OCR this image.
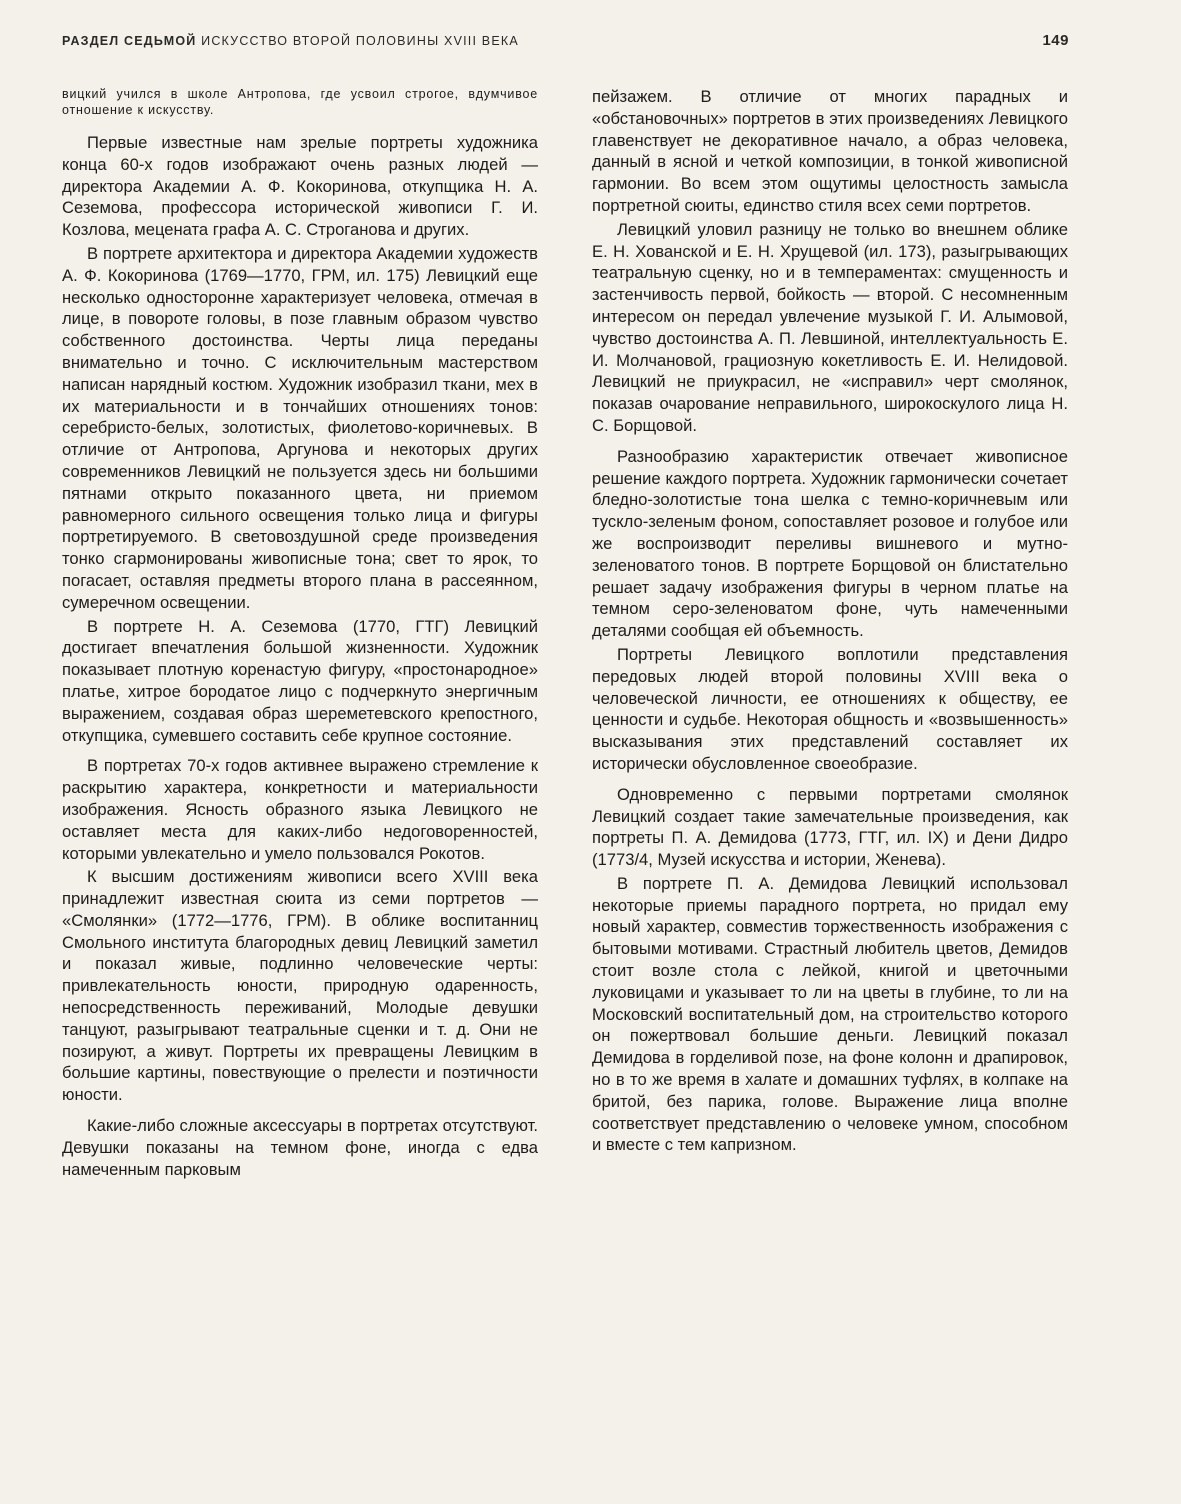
РАЗДЕЛ СЕДЬМОЙ ИСКУССТВО ВТОРОЙ ПОЛОВИНЫ XVIII ВЕКА	149

вицкий учился в школе Антропова, где усвоил строгое, вдумчивое отношение к искусству.

Первые известные нам зрелые портреты художника конца 60-х годов изображают очень разных людей — директора Академии А. Ф. Кокоринова, откупщика Н. А. Сеземова, профессора исторической живописи Г. И. Козлова, мецената графа А. С. Строганова и других.

В портрете архитектора и директора Академии художеств А. Ф. Кокоринова (1769—1770, ГРМ, ил. 175) Левицкий еще несколько односторонне характеризует человека, отмечая в лице, в повороте головы, в позе главным образом чувство собственного достоинства. Черты лица переданы внимательно и точно. С исключительным мастерством написан нарядный костюм. Художник изобразил ткани, мех в их материальности и в тончайших отношениях тонов: серебристо-белых, золотистых, фиолетово-коричневых. В отличие от Антропова, Аргунова и некоторых других современников Левицкий не пользуется здесь ни большими пятнами открыто показанного цвета, ни приемом равномерного сильного освещения только лица и фигуры портретируемого. В световоздушной среде произведения тонко сгармонированы живописные тона; свет то ярок, то погасает, оставляя предметы второго плана в рассеянном, сумеречном освещении.

В портрете Н. А. Сеземова (1770, ГТГ) Левицкий достигает впечатления большой жизненности. Художник показывает плотную коренастую фигуру, «простонародное» платье, хитрое бородатое лицо с подчеркнуто энергичным выражением, создавая образ шереметевского крепостного, откупщика, сумевшего составить себе крупное состояние.

В портретах 70-х годов активнее выражено стремление к раскрытию характера, конкретности и материальности изображения. Ясность образного языка Левицкого не оставляет места для каких-либо недоговоренностей, которыми увлекательно и умело пользовался Рокотов.

К высшим достижениям живописи всего XVIII века принадлежит известная сюита из семи портретов — «Смолянки» (1772—1776, ГРМ). В облике воспитанниц Смольного института благородных девиц Левицкий заметил и показал живые, подлинно человеческие черты: привлекательность юности, природную одаренность, непосредственность переживаний, Молодые девушки танцуют, разыгрывают театральные сценки и т. д. Они не позируют, а живут. Портреты их превращены Левицким в большие картины, повествующие о прелести и поэтичности юности.

Какие-либо сложные аксессуары в портретах отсутствуют. Девушки показаны на темном фоне, иногда с едва намеченным парковым

пейзажем. В отличие от многих парадных и «обстановочных» портретов в этих произведениях Левицкого главенствует не декоративное начало, а образ человека, данный в ясной и четкой композиции, в тонкой живописной гармонии. Во всем этом ощутимы целостность замысла портретной сюиты, единство стиля всех семи портретов.

Левицкий уловил разницу не только во внешнем облике Е. Н. Хованской и Е. Н. Хрущевой (ил. 173), разыгрывающих театральную сценку, но и в темпераментах: смущенность и застенчивость первой, бойкость — второй. С несомненным интересом он передал увлечение музыкой Г. И. Алымовой, чувство достоинства А. П. Левшиной, интеллектуальность Е. И. Молчановой, грациозную кокетливость Е. И. Нелидовой. Левицкий не приукрасил, не «исправил» черт смолянок, показав очарование неправильного, широкоскулого лица Н. С. Борщовой.

Разнообразию характеристик отвечает живописное решение каждого портрета. Художник гармонически сочетает бледно-золотистые тона шелка с темно-коричневым или тускло-зеленым фоном, сопоставляет розовое и голубое или же воспроизводит переливы вишневого и мутно-зеленоватого тонов. В портрете Борщовой он блистательно решает задачу изображения фигуры в черном платье на темном серо-зеленоватом фоне, чуть намеченными деталями сообщая ей объемность.

Портреты Левицкого воплотили представления передовых людей второй половины XVIII века о человеческой личности, ее отношениях к обществу, ее ценности и судьбе. Некоторая общность и «возвышенность» высказывания этих представлений составляет их исторически обусловленное своеобразие.

Одновременно с первыми портретами смолянок Левицкий создает такие замечательные произведения, как портреты П. А. Демидова (1773, ГТГ, ил. IX) и Дени Дидро (1773/4, Музей искусства и истории, Женева).

В портрете П. А. Демидова Левицкий использовал некоторые приемы парадного портрета, но придал ему новый характер, совместив торжественность изображения с бытовыми мотивами. Страстный любитель цветов, Демидов стоит возле стола с лейкой, книгой и цветочными луковицами и указывает то ли на цветы в глубине, то ли на Московский воспитательный дом, на строительство которого он пожертвовал большие деньги. Левицкий показал Демидова в горделивой позе, на фоне колонн и драпировок, но в то же время в халате и домашних туфлях, в колпаке на бритой, без парика, голове. Выражение лица вполне соответствует представлению о человеке умном, способном и вместе с тем капризном.
